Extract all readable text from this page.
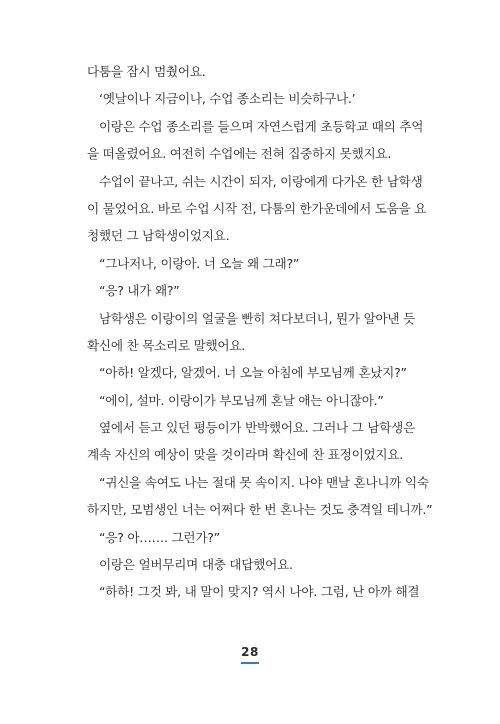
다툼을 잠시 멈췄어요.
‘옛날이나 지금이나, 수업 종소리는 비슷하구나.’
이랑은 수업 종소리를 들으며 자연스럽게 초등학교 때의 추억
을 떠올렸어요. 여전히 수업에는 전혀 집중하지 못했지요.
수업이 끝나고, 쉬는 시간이 되자, 이랑에게 다가온 한 남학생
이 물었어요. 바로 수업 시작 전, 다툼의 한가운데에서 도움을 요
청했던 그 남학생이었지요.
“그나저나, 이랑아. 너 오늘 왜 그래?”
“응? 내가 왜?”
남학생은 이랑이의 얼굴을 빤히 쳐다보더니, 뭔가 알아낸 듯
확신에 찬 목소리로 말했어요.
“아하! 알겠다, 알겠어. 너 오늘 아침에 부모님께 혼났지?”
“에이, 설마. 이랑이가 부모님께 혼날 애는 아니잖아.”
옆에서 듣고 있던 평등이가 반박했어요. 그러나 그 남학생은
계속 자신의 예상이 맞을 것이라며 확신에 찬 표정이었지요.
“귀신을 속여도 나는 절대 못 속이지. 나야 맨날 혼나니까 익숙
하지만, 모범생인 너는 어쩌다 한 번 혼나는 것도 충격일 테니까.”
“응? 아……. 그런가?”
이랑은 얼버무리며 대충 대답했어요.
“하하! 그것 봐, 내 말이 맞지? 역시 나야. 그럼, 난 아까 해결
28
